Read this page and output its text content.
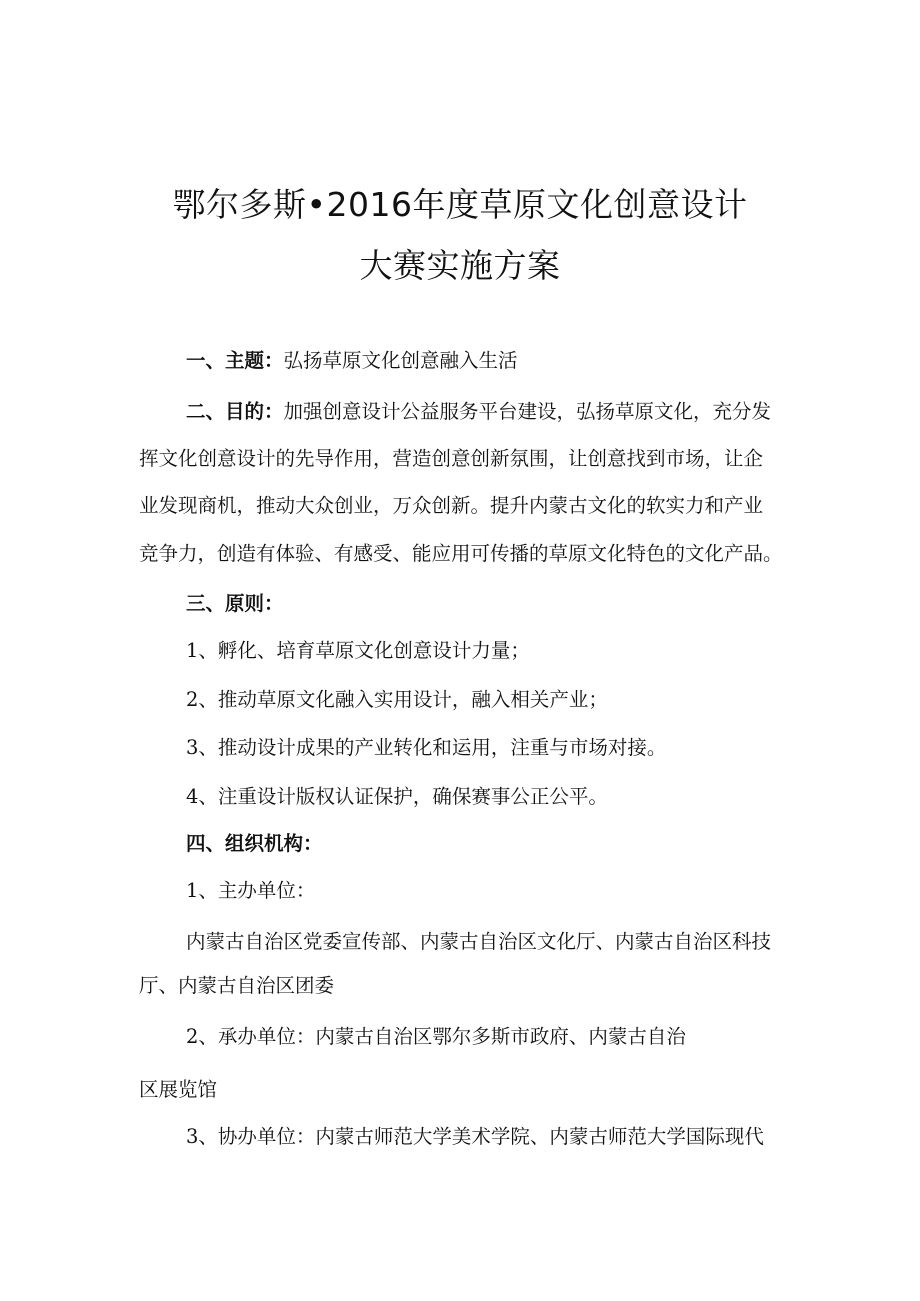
鄂尔多斯•2016年度草原文化创意设计
大赛实施方案
一、主题：弘扬草原文化创意融入生活
二、目的：加强创意设计公益服务平台建设，弘扬草原文化，充分发
挥文化创意设计的先导作用，营造创意创新氛围，让创意找到市场，让企
业发现商机，推动大众创业，万众创新。提升内蒙古文化的软实力和产业
竞争力，创造有体验、有感受、能应用可传播的草原文化特色的文化产品。
三、原则：
1、孵化、培育草原文化创意设计力量；
2、推动草原文化融入实用设计，融入相关产业；
3、推动设计成果的产业转化和运用，注重与市场对接。
4、注重设计版权认证保护，确保赛事公正公平。
四、组织机构：
1、主办单位：
内蒙古自治区党委宣传部、内蒙古自治区文化厅、内蒙古自治区科技
厅、内蒙古自治区团委
2、承办单位：内蒙古自治区鄂尔多斯市政府、内蒙古自治
区展览馆
3、协办单位：内蒙古师范大学美术学院、内蒙古师范大学国际现代
